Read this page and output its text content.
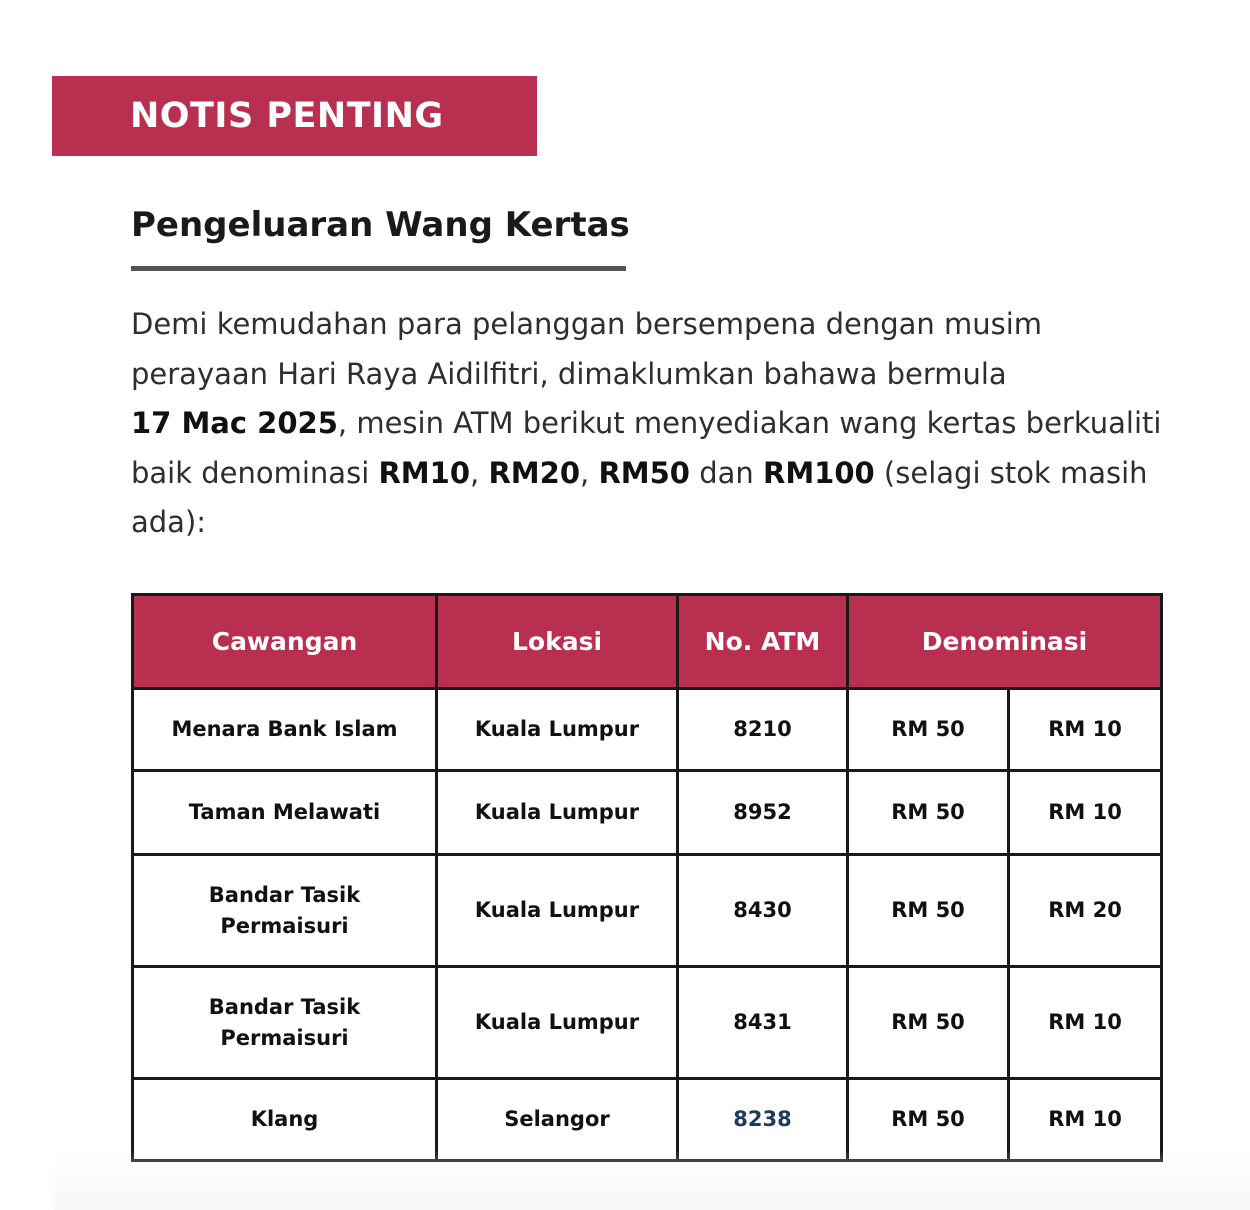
NOTIS PENTING
Pengeluaran Wang Kertas

Demi kemudahan para pelanggan bersempena dengan musim perayaan Hari Raya Aidilfitri, dimaklumkan bahawa bermula
17 Mac 2025, mesin ATM berikut menyediakan wang kertas berkualiti baik denominasi RM10, RM20, RM50 dan RM100 (selagi stok masih ada):

Cawangan	Lokasi	No. ATM	Denominasi	
Menara Bank Islam	Kuala Lumpur	8210	RM 50	RM 10
Taman Melawati	Kuala Lumpur	8952	RM 50	RM 10
Bandar Tasik Permaisuri	Kuala Lumpur	8430	RM 50	RM 20
Bandar Tasik Permaisuri	Kuala Lumpur	8431	RM 50	RM 10
Klang	Selangor	8238	RM 50	RM 10
